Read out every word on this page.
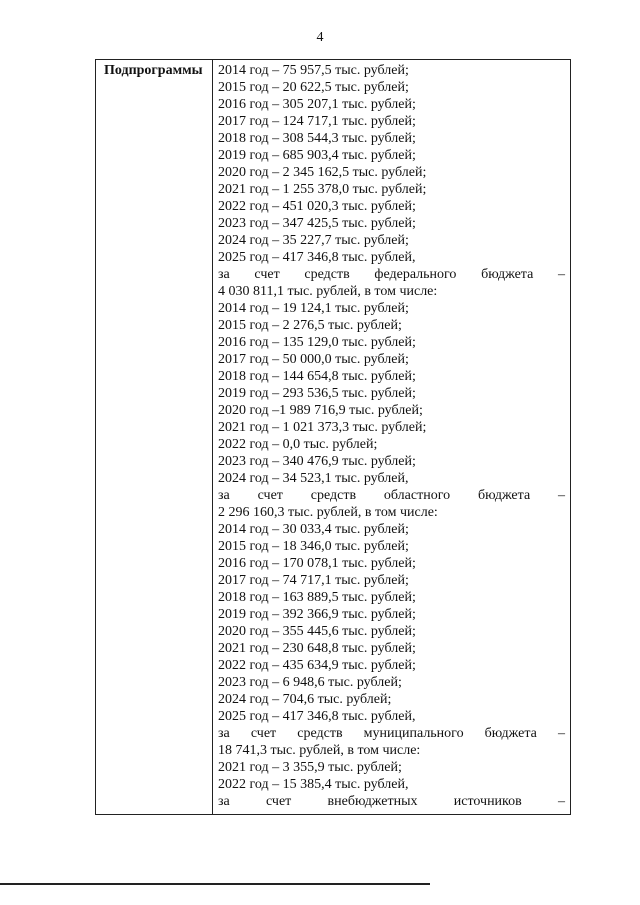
4
Подпрограммы 2014 год – 75 957,5 тыс. рублей;
2015 год – 20 622,5 тыс. рублей;
2016 год – 305 207,1 тыс. рублей;
2017 год – 124 717,1 тыс. рублей;
2018 год – 308 544,3 тыс. рублей;
2019 год – 685 903,4 тыс. рублей;
2020 год – 2 345 162,5 тыс. рублей;
2021 год – 1 255 378,0 тыс. рублей;
2022 год – 451 020,3 тыс. рублей;
2023 год – 347 425,5 тыс. рублей;
2024 год – 35 227,7 тыс. рублей;
2025 год – 417 346,8 тыс. рублей,
за счет средств федерального бюджета –
4 030 811,1 тыс. рублей, в том числе:
2014 год – 19 124,1 тыс. рублей;
2015 год – 2 276,5 тыс. рублей;
2016 год – 135 129,0 тыс. рублей;
2017 год – 50 000,0 тыс. рублей;
2018 год – 144 654,8 тыс. рублей;
2019 год – 293 536,5 тыс. рублей;
2020 год –1 989 716,9 тыс. рублей;
2021 год – 1 021 373,3 тыс. рублей;
2022 год – 0,0 тыс. рублей;
2023 год – 340 476,9 тыс. рублей;
2024 год – 34 523,1 тыс. рублей,
за счет средств областного бюджета –
2 296 160,3 тыс. рублей, в том числе:
2014 год – 30 033,4 тыс. рублей;
2015 год – 18 346,0 тыс. рублей;
2016 год – 170 078,1 тыс. рублей;
2017 год – 74 717,1 тыс. рублей;
2018 год – 163 889,5 тыс. рублей;
2019 год – 392 366,9 тыс. рублей;
2020 год – 355 445,6 тыс. рублей;
2021 год – 230 648,8 тыс. рублей;
2022 год – 435 634,9 тыс. рублей;
2023 год – 6 948,6 тыс. рублей;
2024 год – 704,6 тыс. рублей;
2025 год – 417 346,8 тыс. рублей,
за счет средств муниципального бюджета –
18 741,3 тыс. рублей, в том числе:
2021 год – 3 355,9 тыс. рублей;
2022 год – 15 385,4 тыс. рублей,
за	счет	внебюджетных	источников	–
